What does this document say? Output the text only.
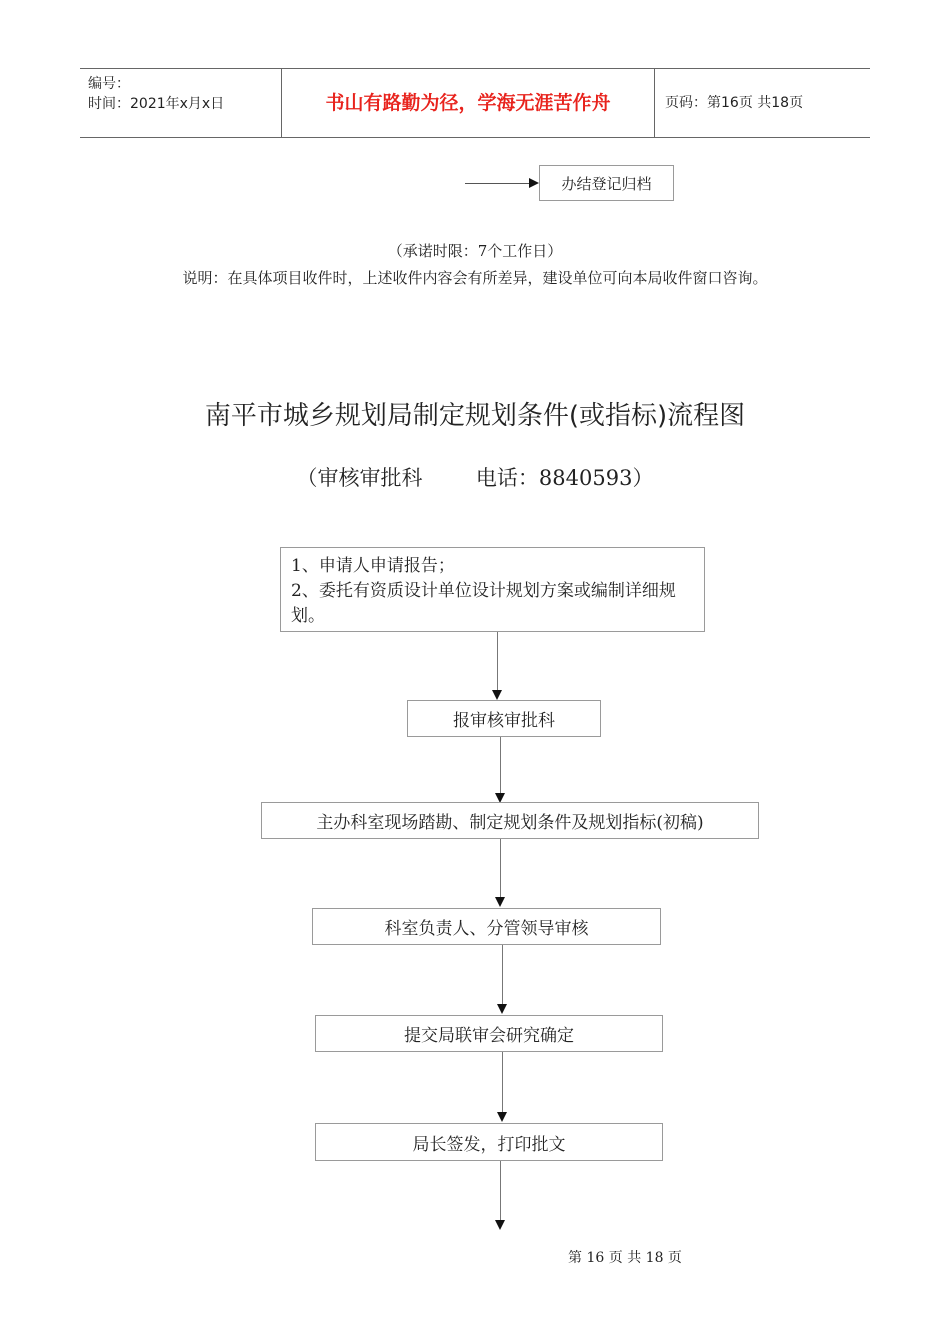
编号：
时间：2021年x月x日	书山有路勤为径，学海无涯苦作舟	页码：第16页 共18页
办结登记归档
（承诺时限：7个工作日）
说明：在具体项目收件时，上述收件内容会有所差异，建设单位可向本局收件窗口咨询。
南平市城乡规划局制定规划条件(或指标)流程图
（审核审批科        电话：8840593）
1、申请人申请报告；
2、委托有资质设计单位设计规划方案或编制详细规划。
报审核审批科
主办科室现场踏勘、制定规划条件及规划指标(初稿)
科室负责人、分管领导审核
提交局联审会研究确定
局长签发，打印批文
第 16 页 共 18 页
